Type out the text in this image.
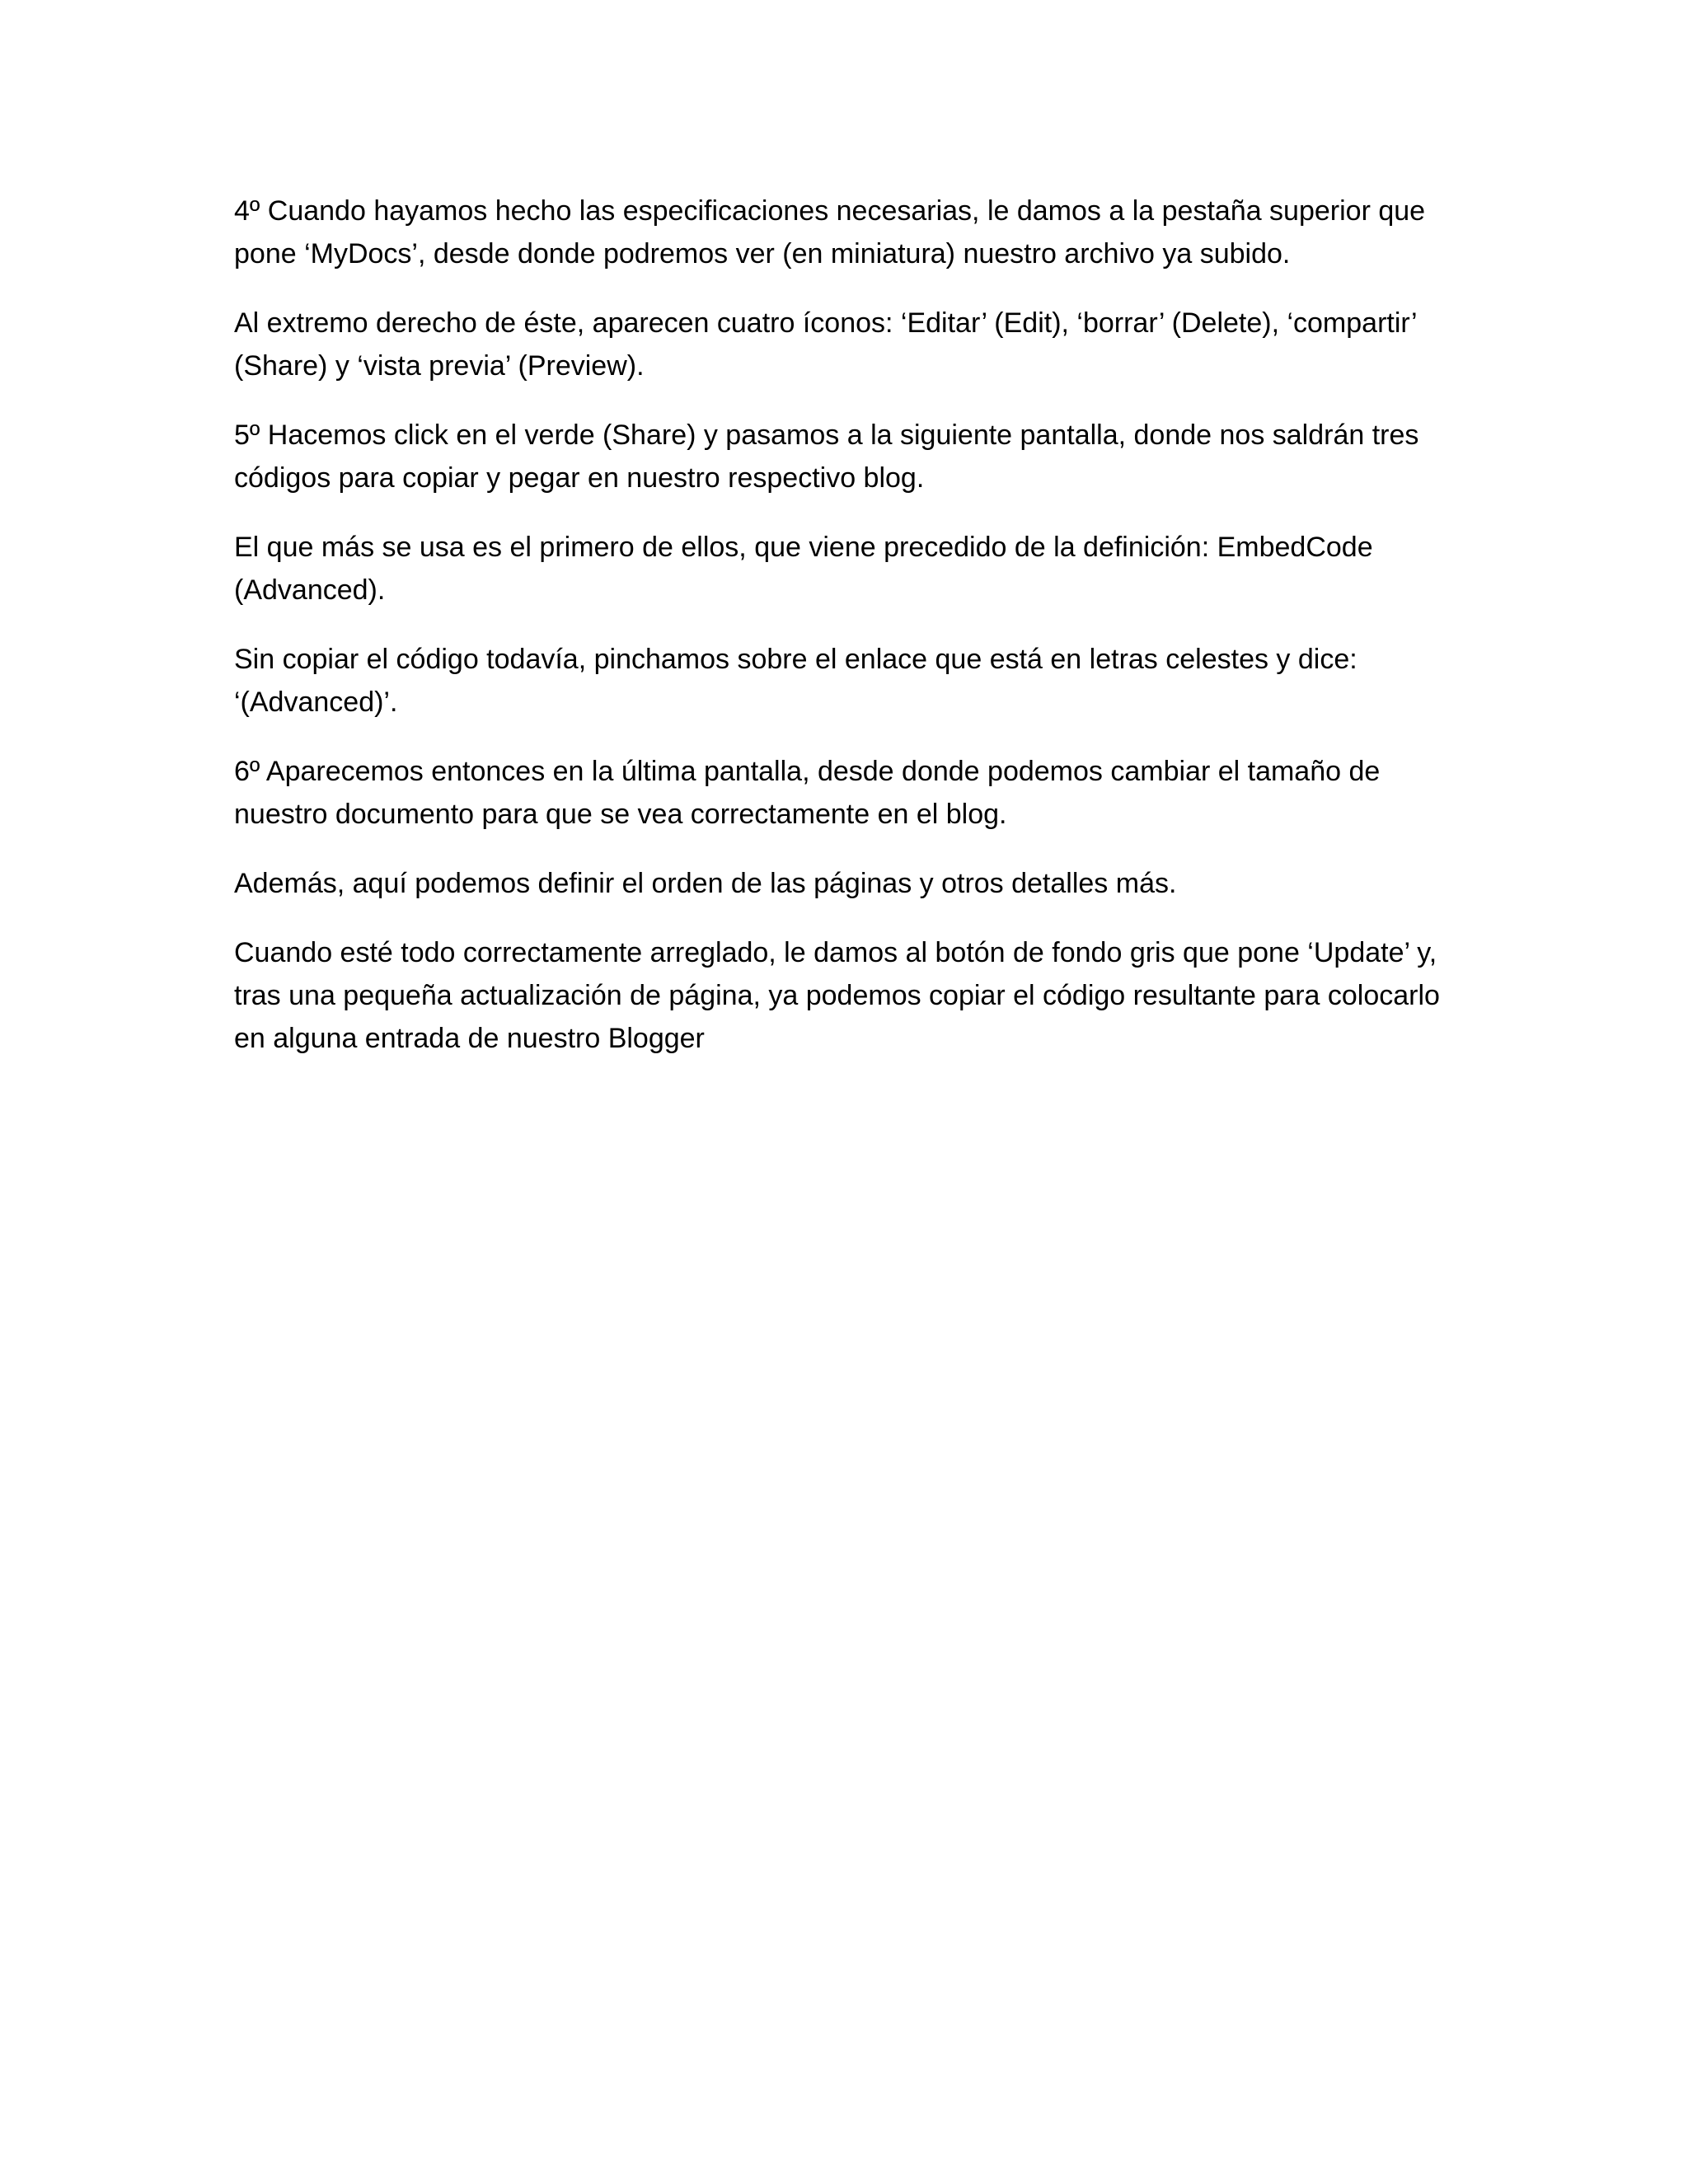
4º Cuando hayamos hecho las especificaciones necesarias, le damos a la pestaña superior que pone ‘MyDocs’, desde donde podremos ver (en miniatura) nuestro archivo ya subido.

Al extremo derecho de éste, aparecen cuatro íconos: ‘Editar’ (Edit), ‘borrar’ (Delete), ‘compartir’ (Share) y ‘vista previa’ (Preview).

5º Hacemos click en el verde (Share) y pasamos a la siguiente pantalla, donde nos saldrán tres códigos para copiar y pegar en nuestro respectivo blog.

El que más se usa es el primero de ellos, que viene precedido de la definición: EmbedCode (Advanced).

Sin copiar el código todavía, pinchamos sobre el enlace que está en letras celestes y dice: ‘(Advanced)’.

6º Aparecemos entonces en la última pantalla, desde donde podemos cambiar el tamaño de nuestro documento para que se vea correctamente en el blog.

Además, aquí podemos definir el orden de las páginas y otros detalles más.

Cuando esté todo correctamente arreglado, le damos al botón de fondo gris que pone ‘Update’ y, tras una pequeña actualización de página, ya podemos copiar el código resultante para colocarlo en alguna entrada de nuestro Blogger
